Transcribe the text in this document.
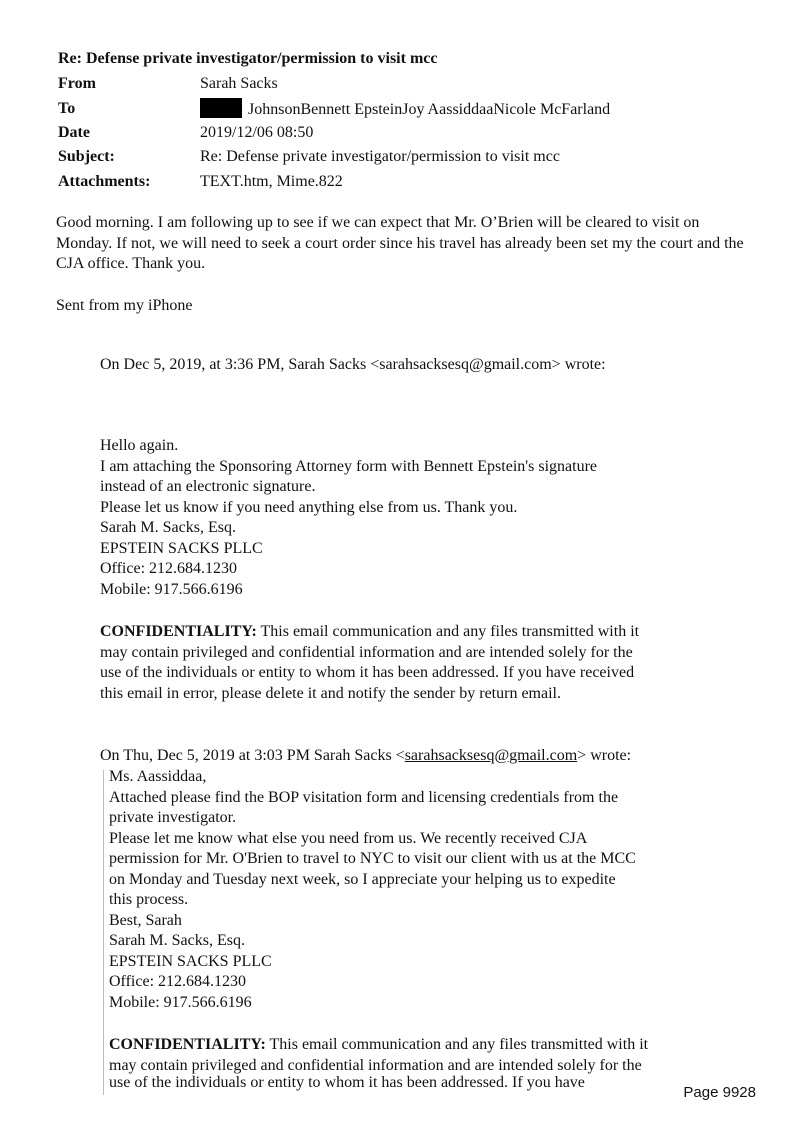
Re: Defense private investigator/permission to visit mcc
From	Sarah Sacks
To	JohnsonBennett EpsteinJoy AassiddaaNicole McFarland
Date	2019/12/06 08:50
Subject:	Re: Defense private investigator/permission to visit mcc
Attachments:	TEXT.htm, Mime.822

Good morning. I am following up to see if we can expect that Mr. O’Brien will be cleared to visit on Monday. If not, we will need to seek a court order since his travel has already been set my the court and the CJA office. Thank you.

Sent from my iPhone

On Dec 5, 2019, at 3:36 PM, Sarah Sacks <sarahsacksesq@gmail.com> wrote:
Hello again.
I am attaching the Sponsoring Attorney form with Bennett Epstein's signature
instead of an electronic signature.
Please let us know if you need anything else from us. Thank you.
Sarah M. Sacks, Esq.
EPSTEIN SACKS PLLC
Office: 212.684.1230
Mobile: 917.566.6196
CONFIDENTIALITY: This email communication and any files transmitted with it
may contain privileged and confidential information and are intended solely for the
use of the individuals or entity to whom it has been addressed. If you have received
this email in error, please delete it and notify the sender by return email.
On Thu, Dec 5, 2019 at 3:03 PM Sarah Sacks <sarahsacksesq@gmail.com> wrote:
Ms. Aassiddaa,
Attached please find the BOP visitation form and licensing credentials from the
private investigator.
Please let me know what else you need from us. We recently received CJA
permission for Mr. O'Brien to travel to NYC to visit our client with us at the MCC
on Monday and Tuesday next week, so I appreciate your helping us to expedite
this process.
Best, Sarah
Sarah M. Sacks, Esq.
EPSTEIN SACKS PLLC
Office: 212.684.1230
Mobile: 917.566.6196
CONFIDENTIALITY: This email communication and any files transmitted with it
may contain privileged and confidential information and are intended solely for the
use of the individuals or entity to whom it has been addressed. If you have
Page 9928
